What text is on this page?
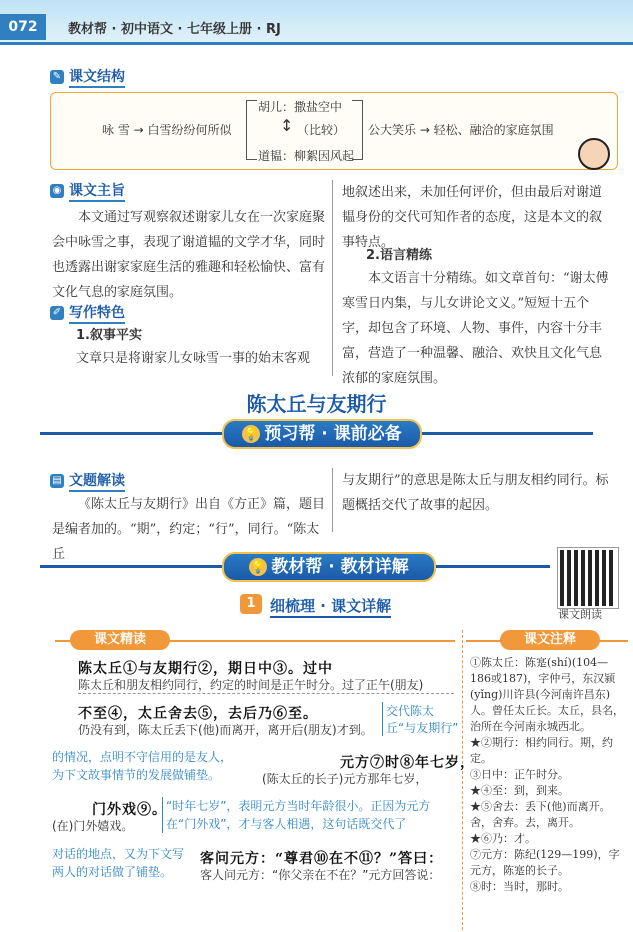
072	教材帮 · 初中语文 · 七年级上册 · RJ
✎ 课文结构
咏 雪 → 白雪纷纷何所似
胡儿：撒盐空中
↕ （比较）
道韫：柳絮因风起
公大笑乐 → 轻松、融洽的家庭氛围
◉ 课文主旨
本文通过写观察叙述谢家儿女在一次家庭聚会中咏雪之事，表现了谢道韫的文学才华，同时也透露出谢家家庭生活的雅趣和轻松愉快、富有文化气息的家庭氛围。
✐ 写作特色
1.叙事平实
文章只是将谢家儿女咏雪一事的始末客观
地叙述出来，未加任何评价，但由最后对谢道韫身份的交代可知作者的态度，这是本文的叙事特点。
2.语言精练
本文语言十分精练。如文章首句：“谢太傅寒雪日内集，与儿女讲论文义。”短短十五个字，却包含了环境、人物、事件，内容十分丰富，营造了一种温馨、融洽、欢快且文化气息浓郁的家庭氛围。
陈太丘与友期行
💡 预习帮 · 课前必备
▤ 文题解读
《陈太丘与友期行》出自《方正》篇，题目是编者加的。“期”，约定；“行”，同行。“陈太丘
与友期行”的意思是陈太丘与朋友相约同行。标题概括交代了故事的起因。
💡 教材帮 · 教材详解
课文朗读
1 细梳理 · 课文详解
课文精读	课文注释
陈太丘①与友期行②，期日中③。过中
陈太丘和朋友相约同行，约定的时间是正午时分。过了正午(朋友)
不至④，太丘舍去⑤，去后乃⑥至。
仍没有到，陈太丘丢下(他)而离开，离开后(朋友)才到。
交代陈太丘“与友期行”
的情况，点明不守信用的是友人，为下文故事情节的发展做铺垫。
元方⑦时⑧年七岁，
(陈太丘的长子)元方那年七岁，
门外戏⑨。
(在)门外嬉戏。
“时年七岁”，表明元方当时年龄很小。正因为元方在“门外戏”，才与客人相遇，这句话既交代了
对话的地点，又为下文写两人的对话做了铺垫。
客问元方：“尊君⑩在不⑪？”答曰：
客人问元方：“你父亲在不在？”元方回答说：
①陈太丘：陈寔(shí)(104—186或187)，字仲弓，东汉颍(yǐng)川许县(今河南许昌东)人。曾任太丘长。太丘，县名，治所在今河南永城西北。
★②期行：相约同行。期，约定。
③日中：正午时分。
★④至：到，到来。
★⑤舍去：丢下(他)而离开。舍，舍弃。去，离开。
★⑥乃：才。
⑦元方：陈纪(129—199)，字元方，陈寔的长子。
⑧时：当时，那时。
